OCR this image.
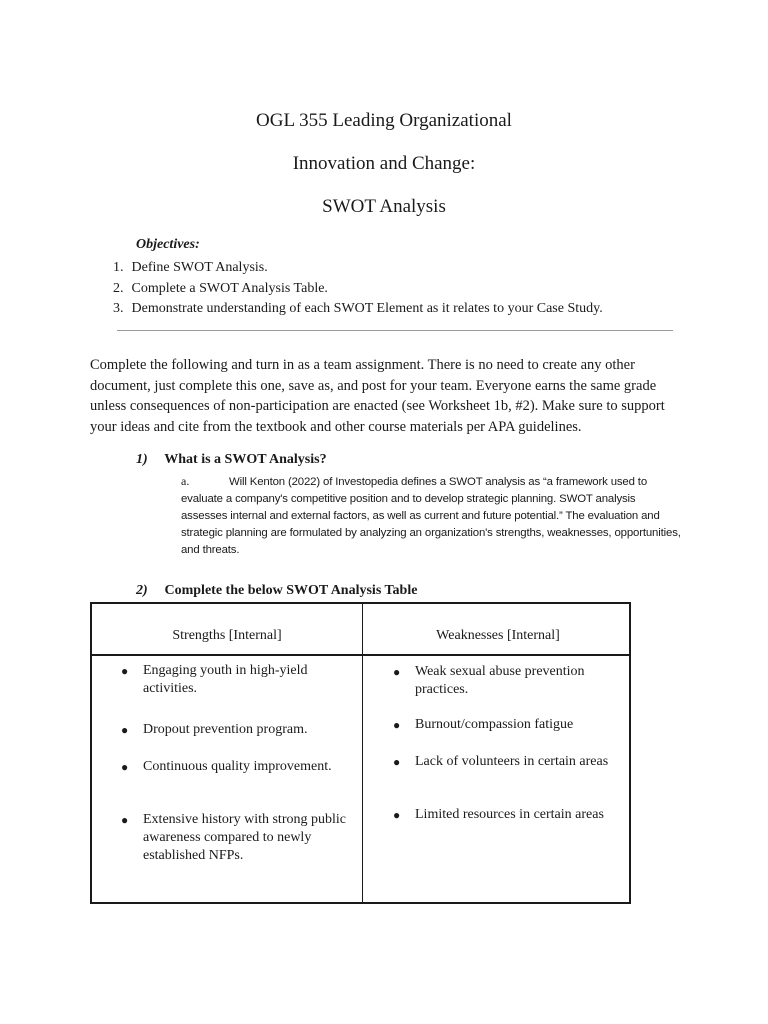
OGL 355 Leading Organizational
Innovation and Change:
SWOT Analysis
Objectives:
1. Define SWOT Analysis.
2. Complete a SWOT Analysis Table.
3. Demonstrate understanding of each SWOT Element as it relates to your Case Study.
Complete the following and turn in as a team assignment. There is no need to create any other document, just complete this one, save as, and post for your team. Everyone earns the same grade unless consequences of non-participation are enacted (see Worksheet 1b, #2). Make sure to support your ideas and cite from the textbook and other course materials per APA guidelines.
1) What is a SWOT Analysis?
a.	Will Kenton (2022) of Investopedia defines a SWOT analysis as “a framework used to evaluate a company's competitive position and to develop strategic planning. SWOT analysis assesses internal and external factors, as well as current and future potential.” The evaluation and strategic planning are formulated by analyzing an organization's strengths, weaknesses, opportunities, and threats.
2) Complete the below SWOT Analysis Table
Strengths [Internal]	Weaknesses [Internal]
● Engaging youth in high-yield activities.
● Dropout prevention program.
● Continuous quality improvement.
● Extensive history with strong public awareness compared to newly established NFPs.
● Weak sexual abuse prevention practices.
● Burnout/compassion fatigue
● Lack of volunteers in certain areas
● Limited resources in certain areas
